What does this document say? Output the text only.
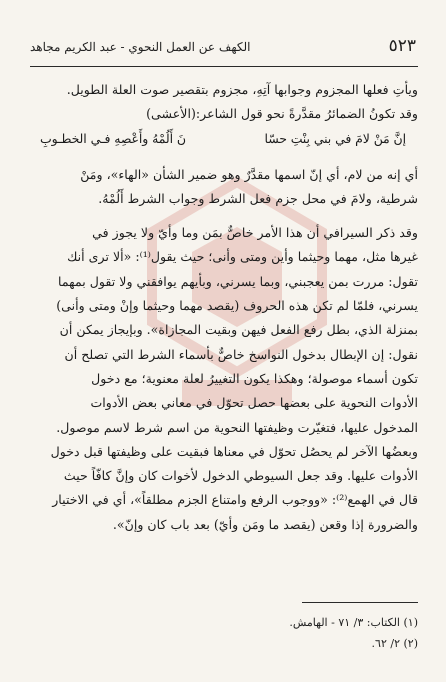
٥٢٣
الكهف عن العمل النحوي - عبد الكريم مجاهد
ويأتِ فعلها المجزوم وجوابها آتِهِ، مجزوم بتقصير صوت العلة الطويل.
وقد تكونُ الضمائرُ مقدَّرةً نحو قول الشاعر:(الأعشى)
إنَّ مَنْ لامَ في بني بِنْتِ حسّا
نَ أَلُمْهُ وأَعْصِهِ فـي الخطـوبِ
أي إنه من لام، أي إنّ اسمها مقدَّرٌ وهو ضمير الشأن «الهاء»، ومَنْ
شرطية، ولامَ في محل جزم فعل الشرط وجواب الشرط أَلُمْهُ.
وقد ذكر السيرافي أن هذا الأمر خاصٌّ بمَن وما وأيّ ولا يجوز في
غيرها مثل، مهما وحيثما وأين ومتى وأنى؛ حيث يقول⁽¹⁾: «ألا ترى أنك
تقول: مررت بمن يعجبني، وبما يسرني، وبأيهم يوافقني ولا تقول بمهما
يسرني، فلمّا لم تكن هذه الحروف (يقصد مهما وحيثما وإنْ ومتى وأنى)
بمنزلة الذي، بطل رفع الفعل فيهن وبقيت المجازاة». وبإيجاز يمكن أن
نقول: إن الإبطال بدخول النواسخ خاصٌّ بأسماء الشرط التي تصلح أن
تكون أسماء موصولة؛ وهكذا يكون التغييرُ لعلة معنوية؛ مع دخول
الأدوات النحوية على بعضها حصل تحوّل في معاني بعض الأدوات
المدخول عليها، فتغيّرت وظيفتها النحوية من اسم شرط لاسم موصول.
وبعضُها الآخر لم يحصُل تحوّل في معناها فبقيت على وظيفتها قبل دخول
الأدوات عليها. وقد جعل السيوطي الدخول لأخوات كان وإنَّ كافّاً حيث
قال في الهمع⁽²⁾: «ووجوب الرفع وامتناع الجزم مطلقاً»، أي في الاختيار
والضرورة إذا وقعن (يقصد ما ومَن وأيّ) بعد باب كان وإنّ».
(١) الكتاب: ٣/ ٧١ - الهامش.
(٢) ٢/ ٦٢.
